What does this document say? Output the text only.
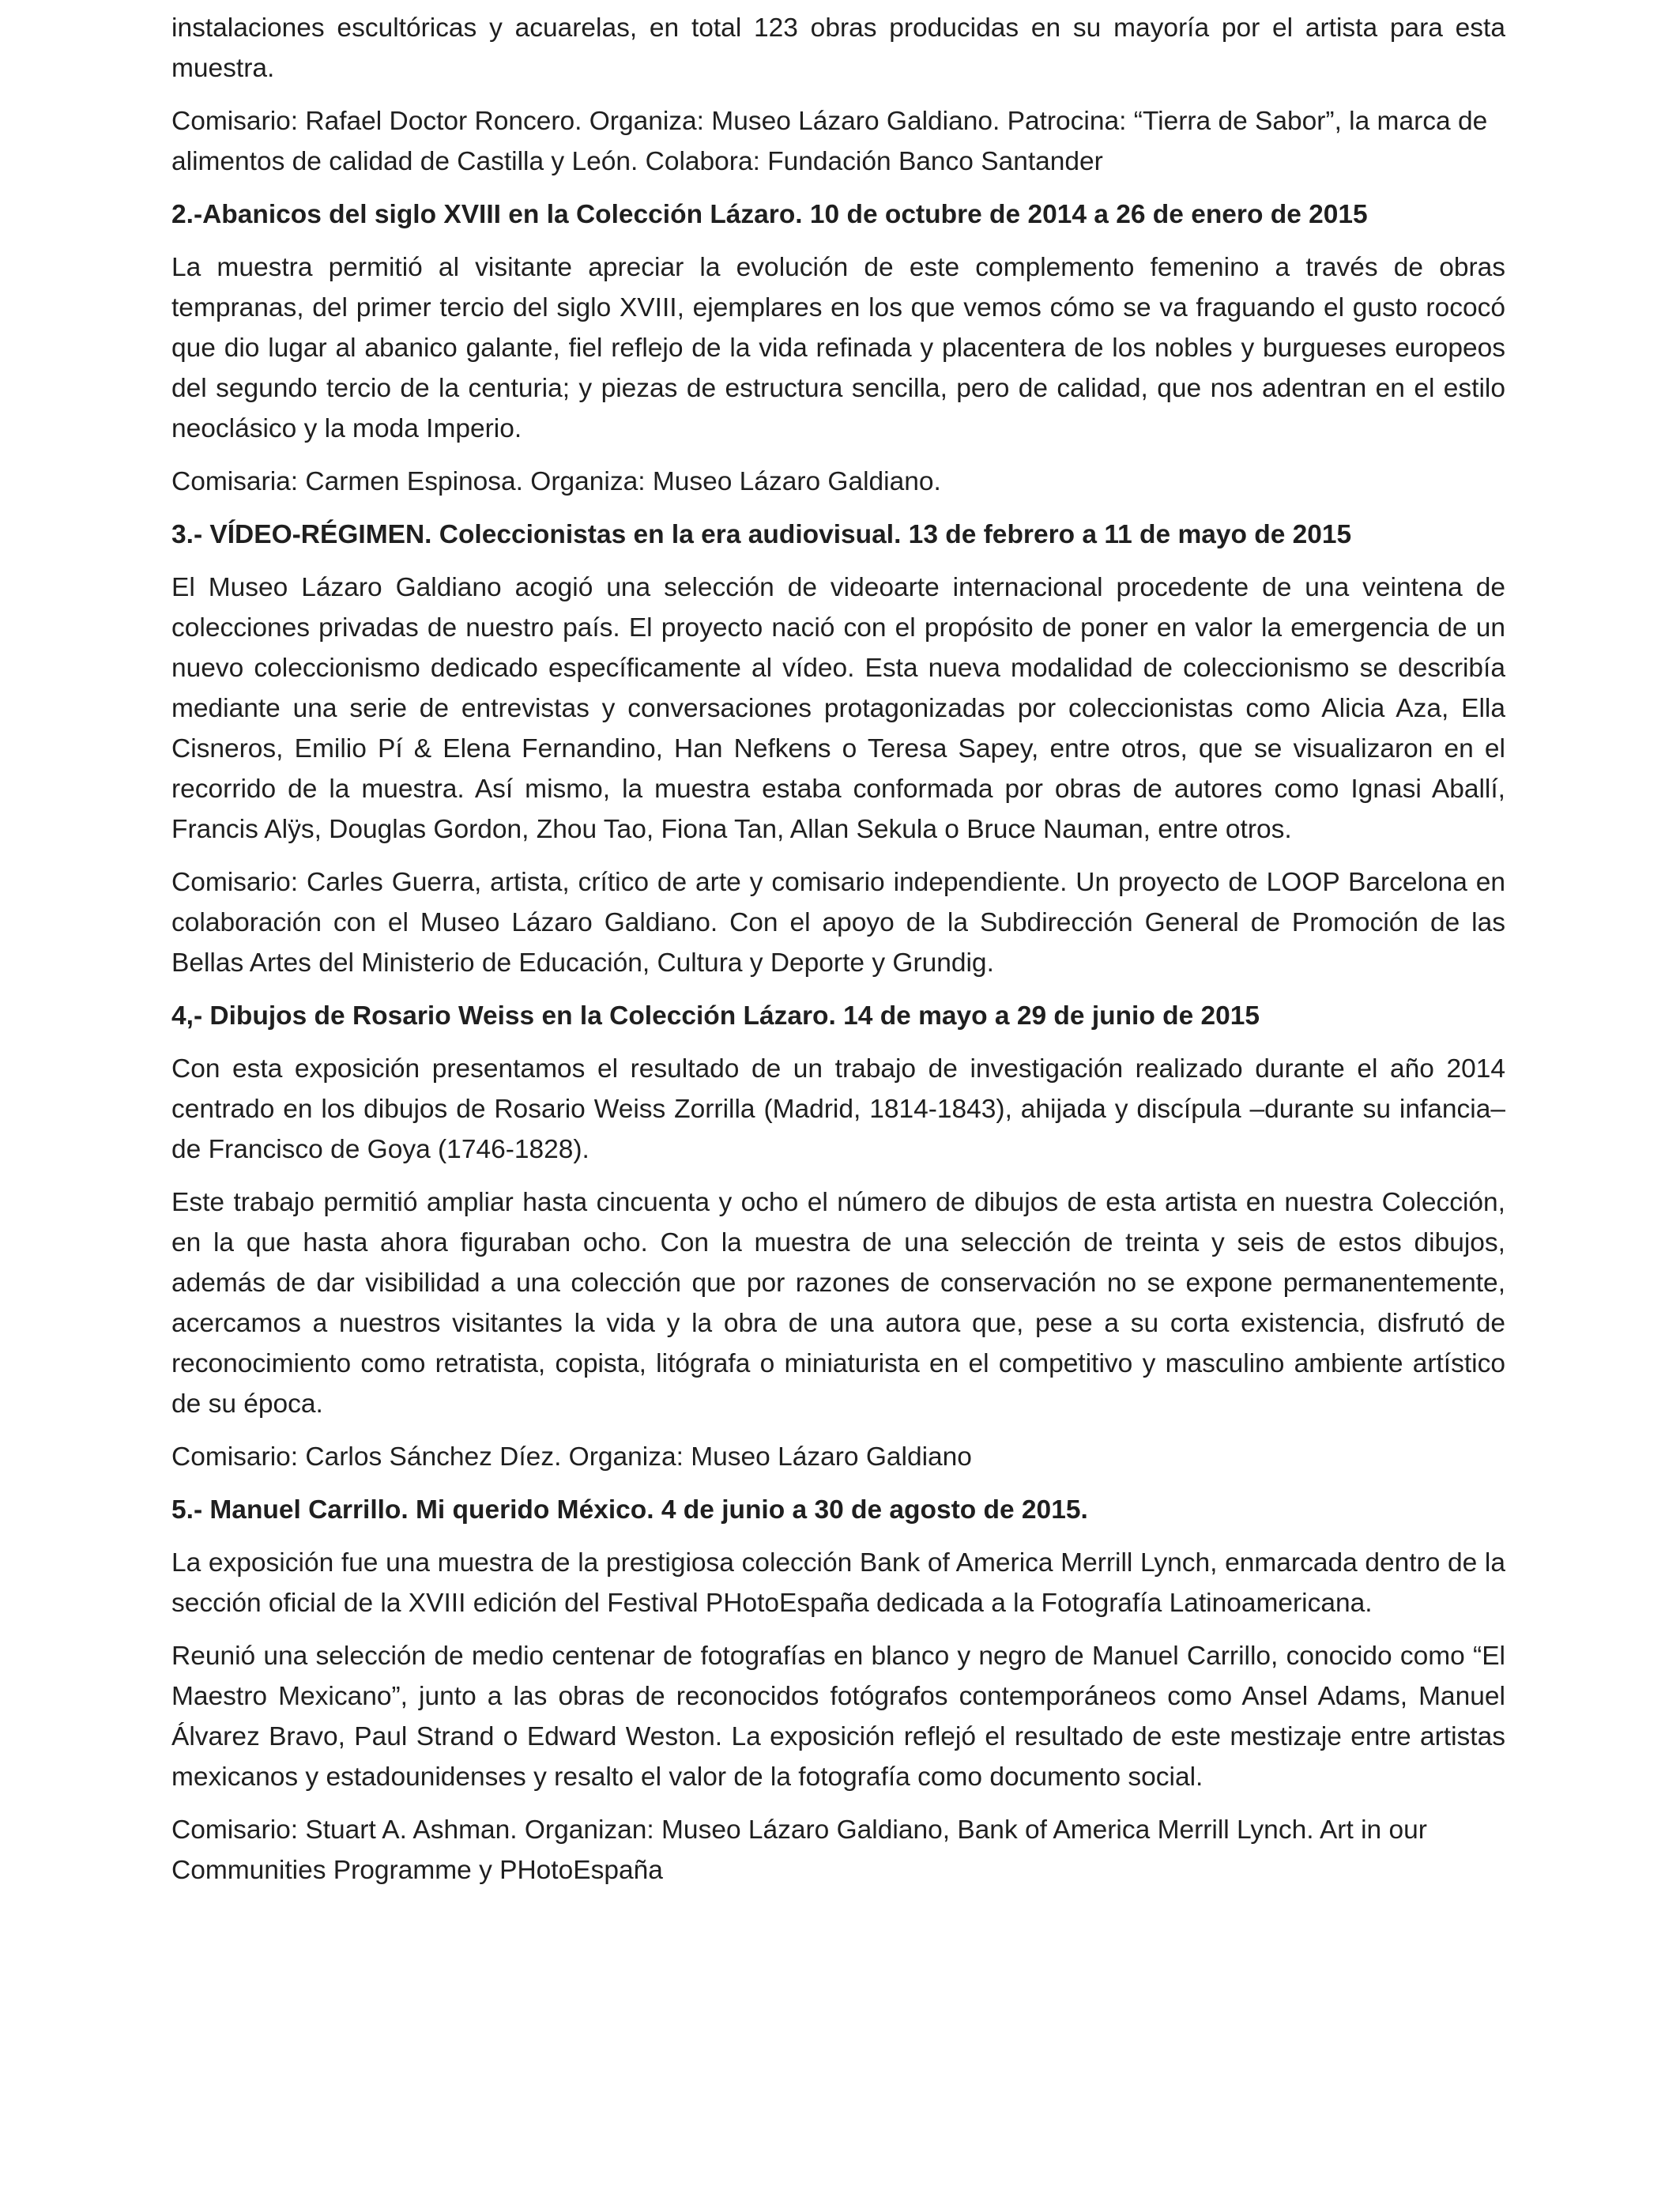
instalaciones escultóricas y acuarelas, en total 123 obras producidas en su mayoría por el artista para esta muestra.

Comisario: Rafael Doctor Roncero. Organiza: Museo Lázaro Galdiano. Patrocina: “Tierra de Sabor”, la marca de alimentos de calidad de Castilla y León. Colabora: Fundación Banco Santander

2.-Abanicos del siglo XVIII en la Colección Lázaro. 10 de octubre de 2014 a 26 de enero de 2015

La muestra permitió al visitante apreciar la evolución de este complemento femenino a través de obras tempranas, del primer tercio del siglo XVIII, ejemplares en los que vemos cómo se va fraguando el gusto rococó que dio lugar al abanico galante, fiel reflejo de la vida refinada y placentera de los nobles y burgueses europeos del segundo tercio de la centuria; y piezas de estructura sencilla, pero de calidad, que nos adentran en el estilo neoclásico y la moda Imperio.

Comisaria: Carmen Espinosa. Organiza: Museo Lázaro Galdiano.

3.- VÍDEO-RÉGIMEN. Coleccionistas en la era audiovisual. 13 de febrero a 11 de mayo de 2015

El Museo Lázaro Galdiano acogió una selección de videoarte internacional procedente de una veintena de colecciones privadas de nuestro país. El proyecto nació con el propósito de poner en valor la emergencia de un nuevo coleccionismo dedicado específicamente al vídeo. Esta nueva modalidad de coleccionismo se describía mediante una serie de entrevistas y conversaciones protagonizadas por coleccionistas como Alicia Aza, Ella Cisneros, Emilio Pí & Elena Fernandino, Han Nefkens o Teresa Sapey, entre otros, que se visualizaron en el recorrido de la muestra. Así mismo, la muestra estaba conformada por obras de autores como Ignasi Aballí, Francis Alÿs, Douglas Gordon, Zhou Tao, Fiona Tan, Allan Sekula o Bruce Nauman, entre otros.

Comisario: Carles Guerra, artista, crítico de arte y comisario independiente. Un proyecto de LOOP Barcelona en colaboración con el Museo Lázaro Galdiano. Con el apoyo de la Subdirección General de Promoción de las Bellas Artes del Ministerio de Educación, Cultura y Deporte y Grundig.

4,- Dibujos de Rosario Weiss en la Colección Lázaro. 14 de mayo a 29 de junio de 2015

Con esta exposición presentamos el resultado de un trabajo de investigación realizado durante el año 2014 centrado en los dibujos de Rosario Weiss Zorrilla (Madrid, 1814-1843), ahijada y discípula –durante su infancia– de Francisco de Goya (1746-1828).

Este trabajo permitió ampliar hasta cincuenta y ocho el número de dibujos de esta artista en nuestra Colección, en la que hasta ahora figuraban ocho. Con la muestra de una selección de treinta y seis de estos dibujos, además de dar visibilidad a una colección que por razones de conservación no se expone permanentemente, acercamos a nuestros visitantes la vida y la obra de una autora que, pese a su corta existencia, disfrutó de reconocimiento como retratista, copista, litógrafa o miniaturista en el competitivo y masculino ambiente artístico de su época.

Comisario: Carlos Sánchez Díez. Organiza: Museo Lázaro Galdiano

5.- Manuel Carrillo. Mi querido México. 4 de junio a 30 de agosto de 2015.

La exposición fue una muestra de la prestigiosa colección Bank of America Merrill Lynch, enmarcada dentro de la sección oficial de la XVIII edición del Festival PHotoEspaña dedicada a la Fotografía Latinoamericana.

Reunió una selección de medio centenar de fotografías en blanco y negro de Manuel Carrillo, conocido como “El Maestro Mexicano”, junto a las obras de reconocidos fotógrafos contemporáneos como Ansel Adams, Manuel Álvarez Bravo, Paul Strand o Edward Weston. La exposición reflejó el resultado de este mestizaje entre artistas mexicanos y estadounidenses y resalto el valor de la fotografía como documento social.

Comisario: Stuart A. Ashman. Organizan: Museo Lázaro Galdiano, Bank of America Merrill Lynch. Art in our Communities Programme y PHotoEspaña
